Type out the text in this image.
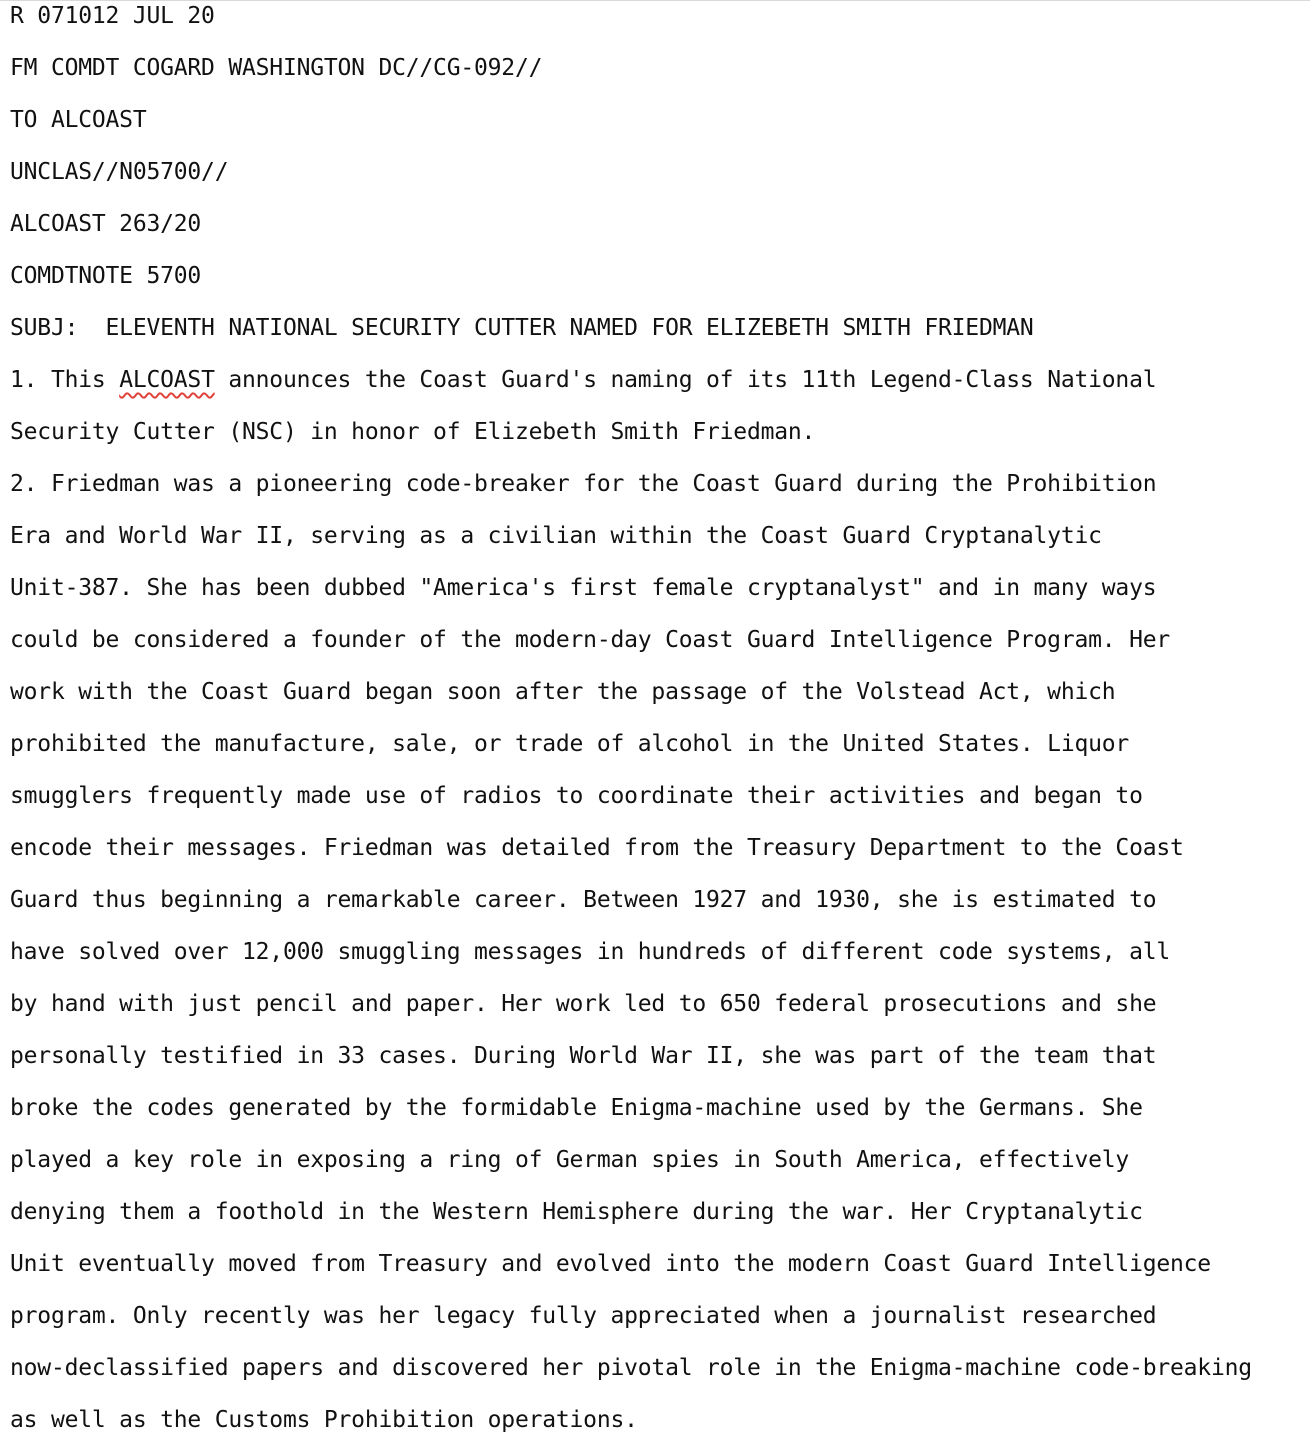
R 071012 JUL 20
FM COMDT COGARD WASHINGTON DC//CG-092//
TO ALCOAST
UNCLAS//N05700//
ALCOAST 263/20
COMDTNOTE 5700
SUBJ:  ELEVENTH NATIONAL SECURITY CUTTER NAMED FOR ELIZEBETH SMITH FRIEDMAN
1. This ALCOAST announces the Coast Guard's naming of its 11th Legend-Class National
Security Cutter (NSC) in honor of Elizebeth Smith Friedman.
2. Friedman was a pioneering code-breaker for the Coast Guard during the Prohibition
Era and World War II, serving as a civilian within the Coast Guard Cryptanalytic
Unit-387. She has been dubbed "America's first female cryptanalyst" and in many ways
could be considered a founder of the modern-day Coast Guard Intelligence Program. Her
work with the Coast Guard began soon after the passage of the Volstead Act, which
prohibited the manufacture, sale, or trade of alcohol in the United States. Liquor
smugglers frequently made use of radios to coordinate their activities and began to
encode their messages. Friedman was detailed from the Treasury Department to the Coast
Guard thus beginning a remarkable career. Between 1927 and 1930, she is estimated to
have solved over 12,000 smuggling messages in hundreds of different code systems, all
by hand with just pencil and paper. Her work led to 650 federal prosecutions and she
personally testified in 33 cases. During World War II, she was part of the team that
broke the codes generated by the formidable Enigma-machine used by the Germans. She
played a key role in exposing a ring of German spies in South America, effectively
denying them a foothold in the Western Hemisphere during the war. Her Cryptanalytic
Unit eventually moved from Treasury and evolved into the modern Coast Guard Intelligence
program. Only recently was her legacy fully appreciated when a journalist researched
now-declassified papers and discovered her pivotal role in the Enigma-machine code-breaking
as well as the Customs Prohibition operations.
